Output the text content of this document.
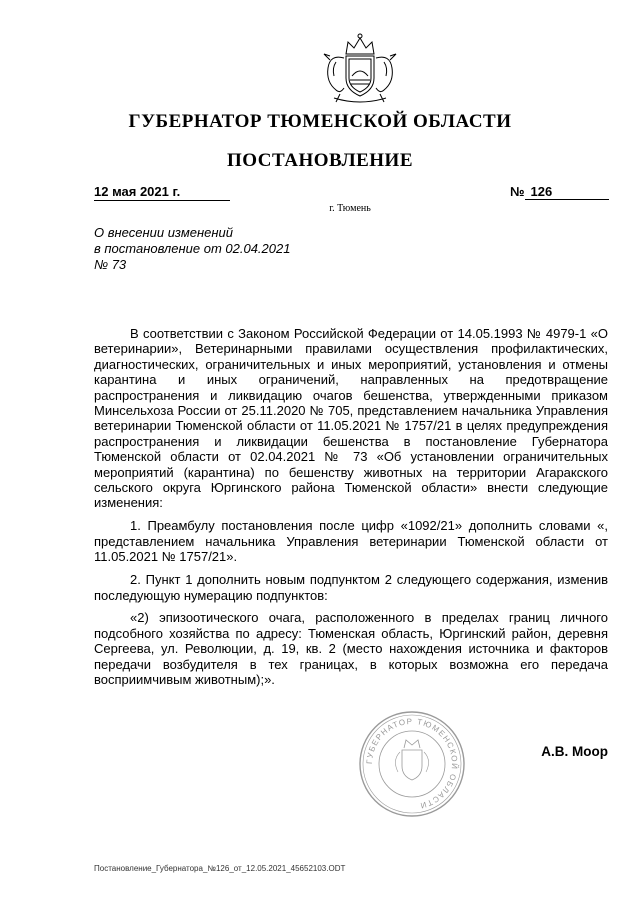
ГУБЕРНАТОР ТЮМЕНСКОЙ ОБЛАСТИ
ПОСТАНОВЛЕНИЕ
12 мая 2021 г.	№ 126
г. Тюмень
О внесении изменений
в постановление от 02.04.2021
№ 73

В соответствии с Законом Российской Федерации от 14.05.1993 № 4979-1 «О ветеринарии», Ветеринарными правилами осуществления профилактических, диагностических, ограничительных и иных мероприятий, установления и отмены карантина и иных ограничений, направленных на предотвращение распространения и ликвидацию очагов бешенства, утвержденными приказом Минсельхоза России от 25.11.2020 № 705, представлением начальника Управления ветеринарии Тюменской области от 11.05.2021 № 1757/21 в целях предупреждения распространения и ликвидации бешенства в постановление Губернатора Тюменской области от 02.04.2021 № 73 «Об установлении ограничительных мероприятий (карантина) по бешенству животных на территории Агаракского сельского округа Юргинского района Тюменской области» внести следующие изменения:

1. Преамбулу постановления после цифр «1092/21» дополнить словами «, представлением начальника Управления ветеринарии Тюменской области от 11.05.2021 № 1757/21».

2. Пункт 1 дополнить новым подпунктом 2 следующего содержания, изменив последующую нумерацию подпунктов:

«2) эпизоотического очага, расположенного в пределах границ личного подсобного хозяйства по адресу: Тюменская область, Юргинский район, деревня Сергеева, ул. Революции, д. 19, кв. 2 (место нахождения источника и факторов передачи возбудителя в тех границах, в которых возможна его передача восприимчивым животным);».

ГУБЕРНАТОР ТЮМЕНСКОЙ ОБЛАСТИ
А.В. Моор
Постановление_Губернатора_№126_от_12.05.2021_45652103.ODT
